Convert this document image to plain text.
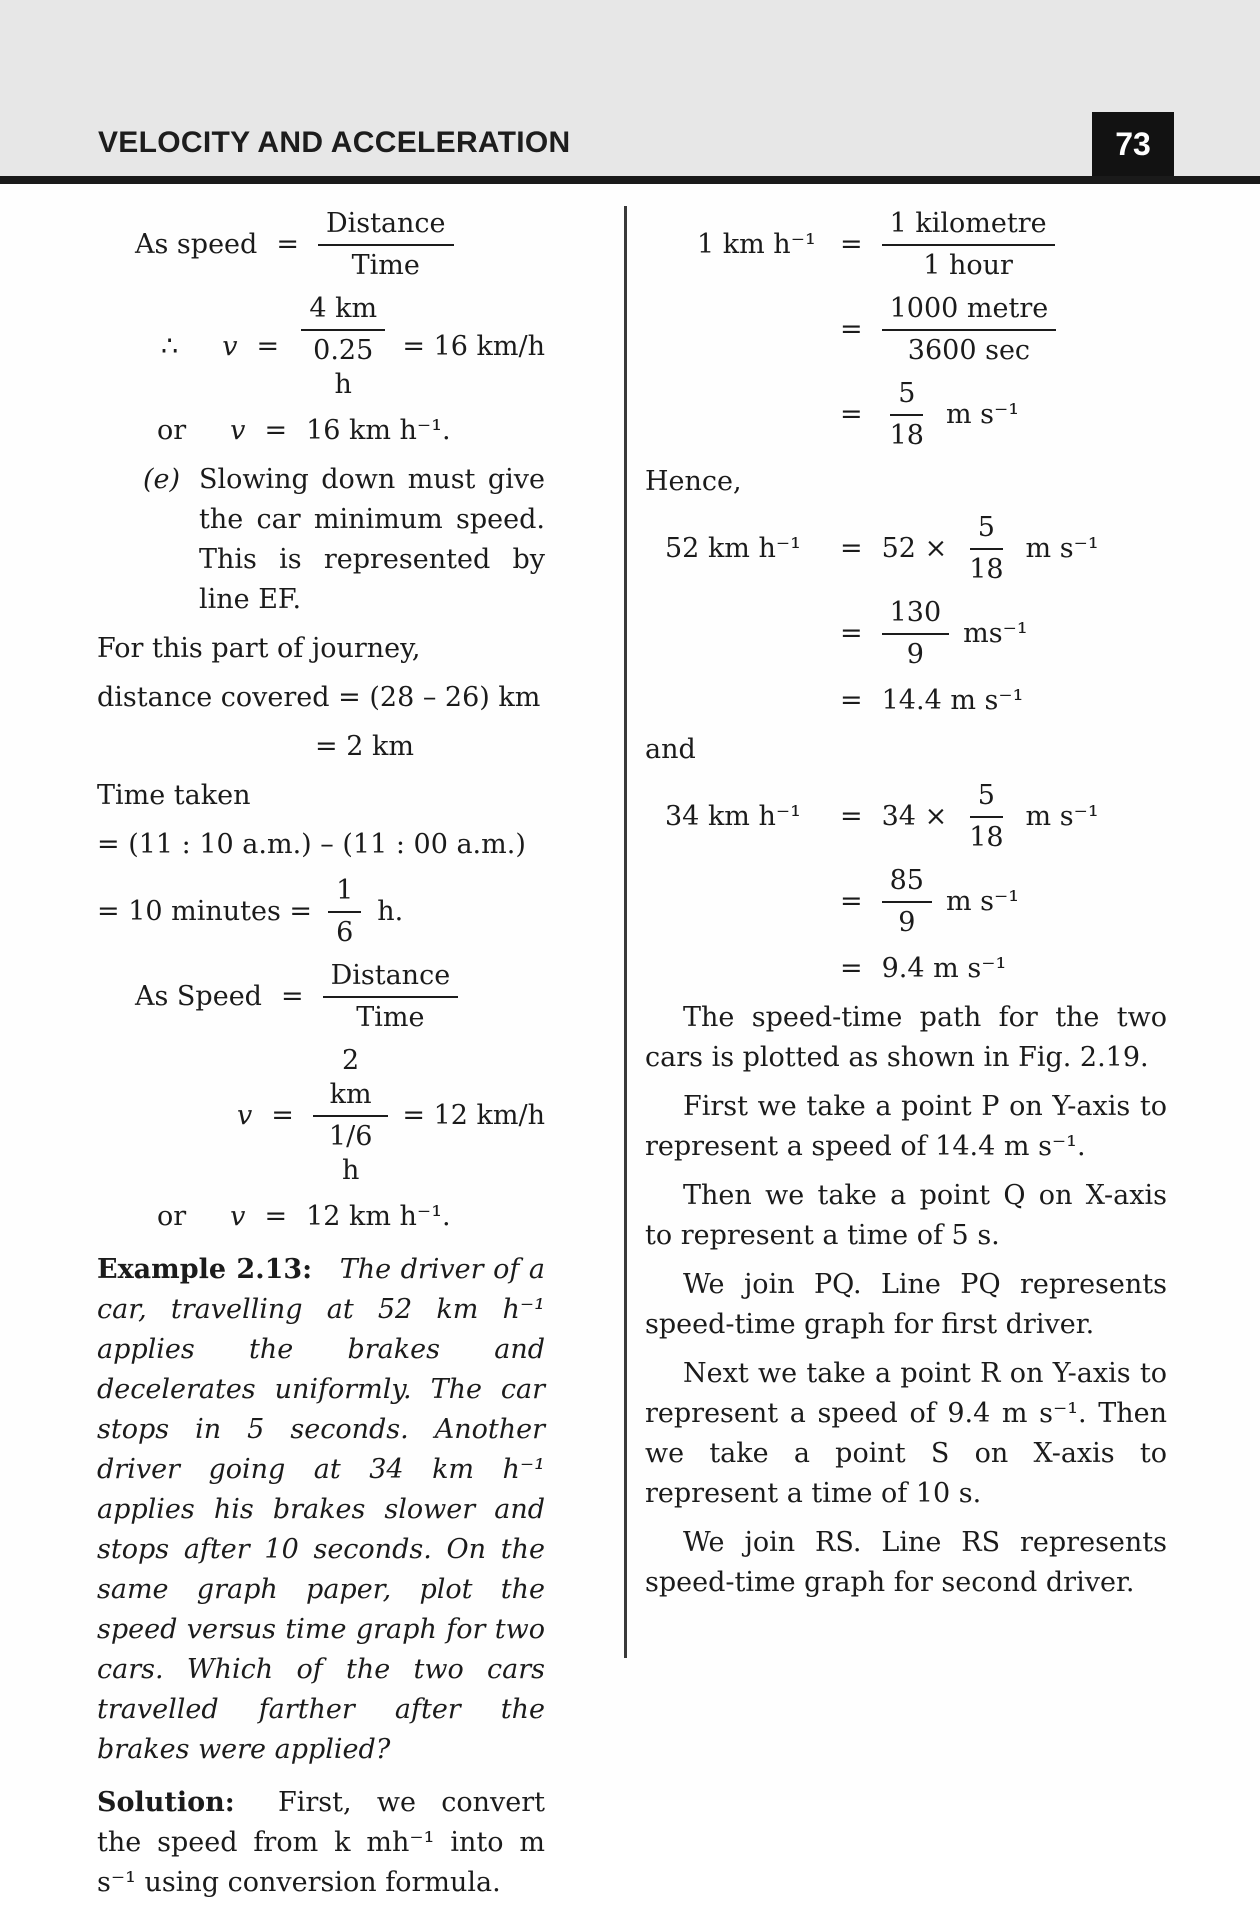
VELOCITY AND ACCELERATION	73
As speed = $\frac{\text{Distance}}{\text{Time}}$
∴ $v = \frac{4 km}{0.25 h} = 16$ km/h
or v = 16 km h⁻¹.
(e) Slowing down must give the car minimum speed. This is represented by line EF.

For this part of journey,

distance covered = (28 – 26) km

= 2 km

Time taken

= (11 : 10 a.m.) – (11 : 00 a.m.)

= 10 minutes = $\frac{1}{6} h$.
As Speed = $\frac{\text{Distance}}{\text{Time}}$
$v = \frac{2 km}{1/6 h} = 12$ km/h
or v = 12 km h⁻¹.

Example 2.13: The driver of a car, travelling at 52 km h⁻¹ applies the brakes and decelerates uniformly. The car stops in 5 seconds. Another driver going at 34 km h⁻¹ applies his brakes slower and stops after 10 seconds. On the same graph paper, plot the speed versus time graph for two cars. Which of the two cars travelled farther after the brakes were applied?

Solution: First, we convert the speed from k mh⁻¹ into m s⁻¹ using conversion formula.

1 km $h^{-1} = \frac{\text{1 kilometre}}{\text{1 hour}}$
= $\frac{\text{1000 metre}}{3600 \sec}$
= $\frac{5}{18}$ m s⁻¹

Hence,

52 km h⁻¹	= $52 \times \frac{5}{18}$ m s⁻¹
= $\frac{130}{9} ms^{-1}$
= 14.4 m s⁻¹

and

34 km h⁻¹	= $34 \times \frac{5}{18}$ m s⁻¹
= $\frac{85}{9}$ m s⁻¹
= 9.4 m s⁻¹

The speed-time path for the two cars is plotted as shown in Fig. 2.19.

First we take a point P on Y-axis to represent a speed of 14.4 m s⁻¹.

Then we take a point Q on X-axis to represent a time of 5 s.

We join PQ. Line PQ represents speed-time graph for first driver.

Next we take a point R on Y-axis to represent a speed of 9.4 m s⁻¹. Then we take a point S on X-axis to represent a time of 10 s.

We join RS. Line RS represents speed-time graph for second driver.
